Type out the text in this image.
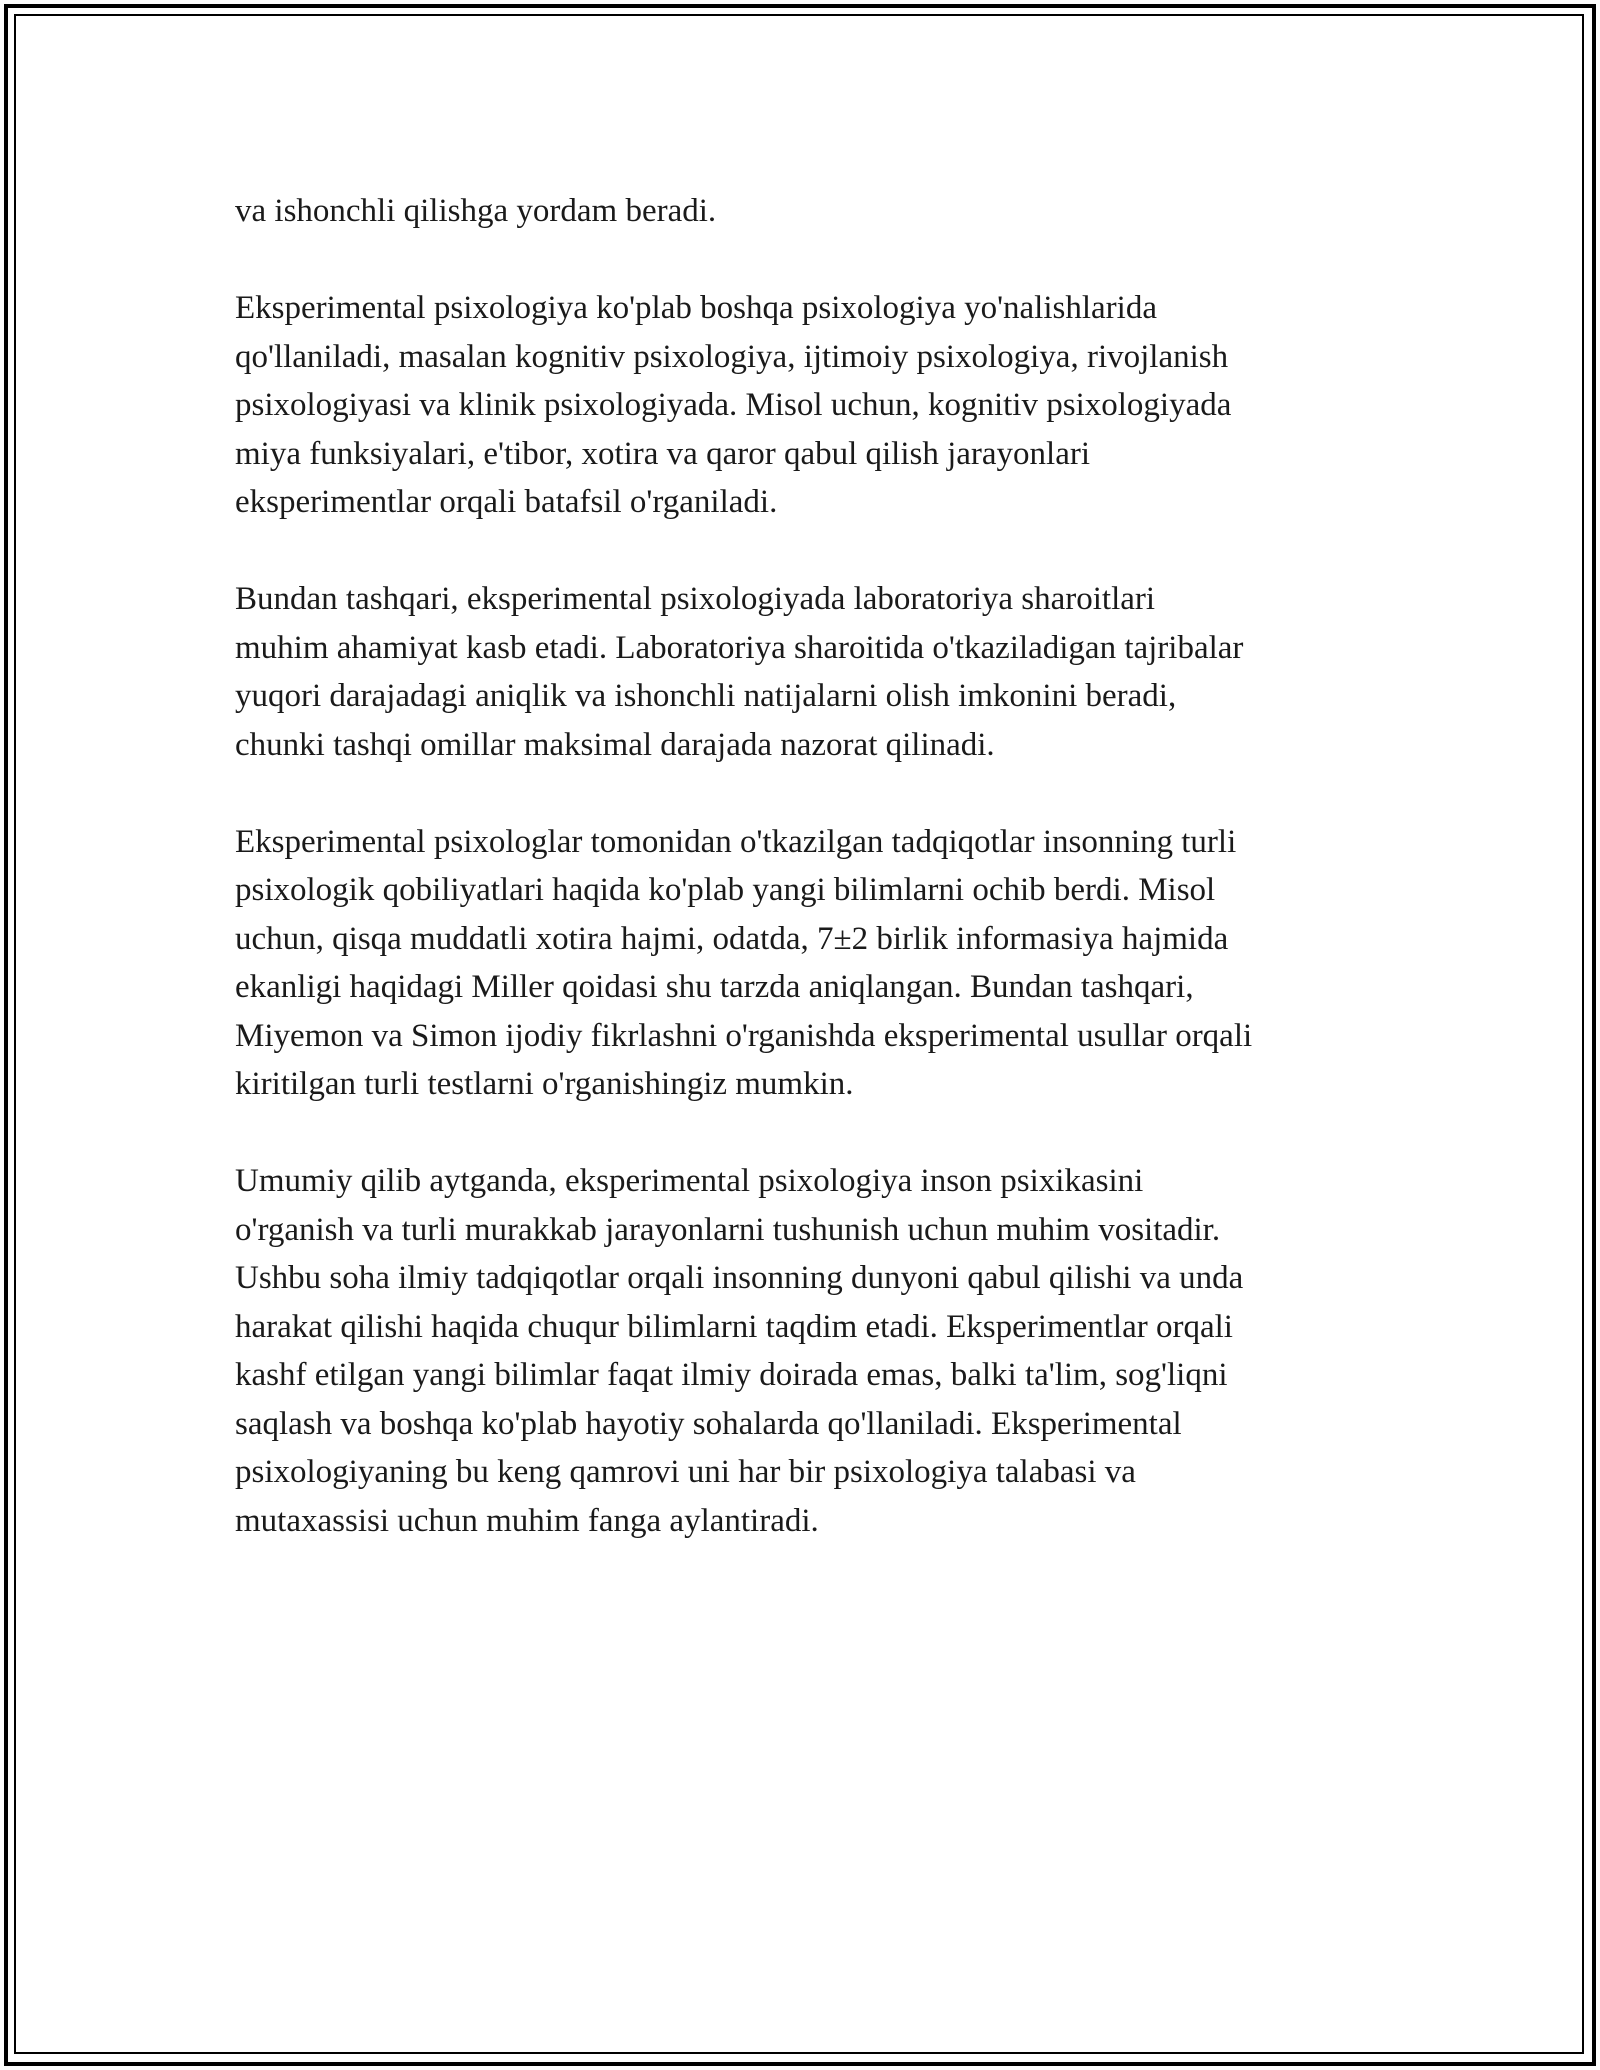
va ishonchli qilishga yordam beradi.

Eksperimental psixologiya ko'plab boshqa psixologiya yo'nalishlarida
qo'llaniladi, masalan kognitiv psixologiya, ijtimoiy psixologiya, rivojlanish
psixologiyasi va klinik psixologiyada. Misol uchun, kognitiv psixologiyada
miya funksiyalari, e'tibor, xotira va qaror qabul qilish jarayonlari
eksperimentlar orqali batafsil o'rganiladi.

Bundan tashqari, eksperimental psixologiyada laboratoriya sharoitlari
muhim ahamiyat kasb etadi. Laboratoriya sharoitida o'tkaziladigan tajribalar
yuqori darajadagi aniqlik va ishonchli natijalarni olish imkonini beradi,
chunki tashqi omillar maksimal darajada nazorat qilinadi.

Eksperimental psixologlar tomonidan o'tkazilgan tadqiqotlar insonning turli
psixologik qobiliyatlari haqida ko'plab yangi bilimlarni ochib berdi. Misol
uchun, qisqa muddatli xotira hajmi, odatda, 7±2 birlik informasiya hajmida
ekanligi haqidagi Miller qoidasi shu tarzda aniqlangan. Bundan tashqari,
Miyemon va Simon ijodiy fikrlashni o'rganishda eksperimental usullar orqali
kiritilgan turli testlarni o'rganishingiz mumkin.

Umumiy qilib aytganda, eksperimental psixologiya inson psixikasini
o'rganish va turli murakkab jarayonlarni tushunish uchun muhim vositadir.
Ushbu soha ilmiy tadqiqotlar orqali insonning dunyoni qabul qilishi va unda
harakat qilishi haqida chuqur bilimlarni taqdim etadi. Eksperimentlar orqali
kashf etilgan yangi bilimlar faqat ilmiy doirada emas, balki ta'lim, sog'liqni
saqlash va boshqa ko'plab hayotiy sohalarda qo'llaniladi. Eksperimental
psixologiyaning bu keng qamrovi uni har bir psixologiya talabasi va
mutaxassisi uchun muhim fanga aylantiradi.
